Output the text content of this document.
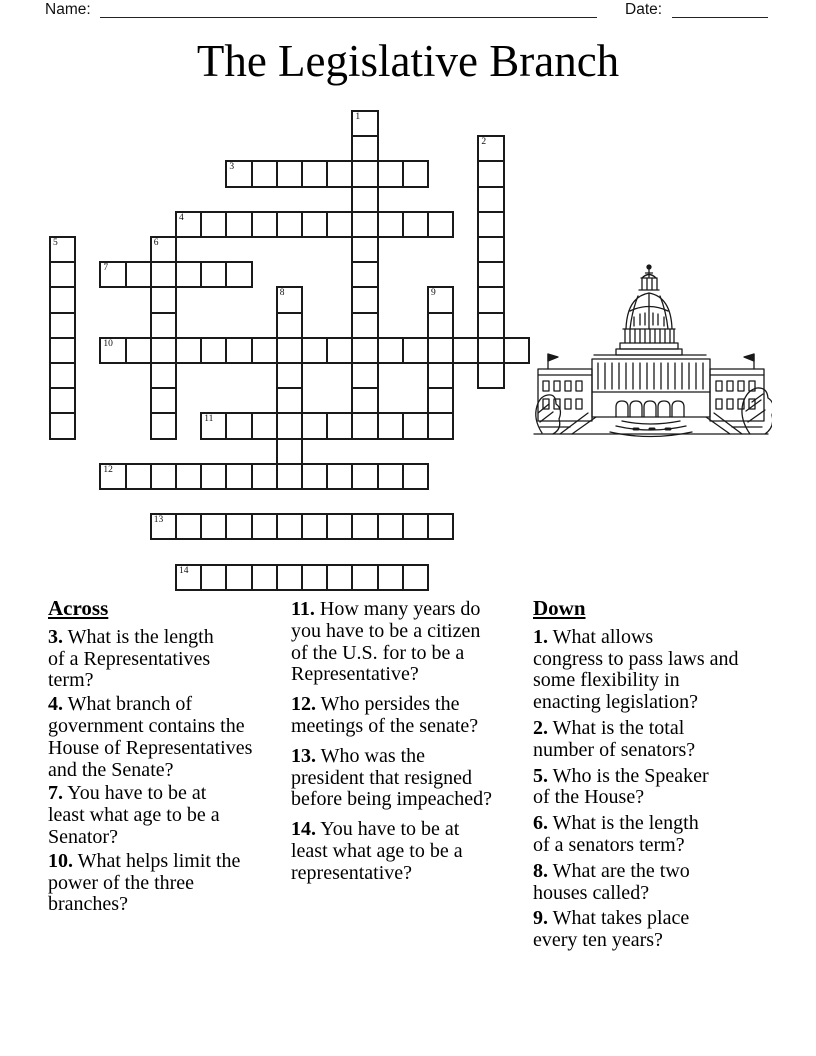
Name:	Date:
The Legislative Branch
1
2
3
4
5	6
7
8	9
10
11
12
13
14
Across
3. What is the length
of a Representatives
term?
4. What branch of
government contains the
House of Representatives
and the Senate?
7. You have to be at
least what age to be a
Senator?
10. What helps limit the
power of the three
branches?
11. How many years do
you have to be a citizen
of the U.S. for to be a
Representative?
12. Who persides the
meetings of the senate?
13. Who was the
president that resigned
before being impeached?
14. You have to be at
least what age to be a
representative?
Down
1. What allows
congress to pass laws and
some flexibility in
enacting legislation?
2. What is the total
number of senators?
5. Who is the Speaker
of the House?
6. What is the length
of a senators term?
8. What are the two
houses called?
9. What takes place
every ten years?
